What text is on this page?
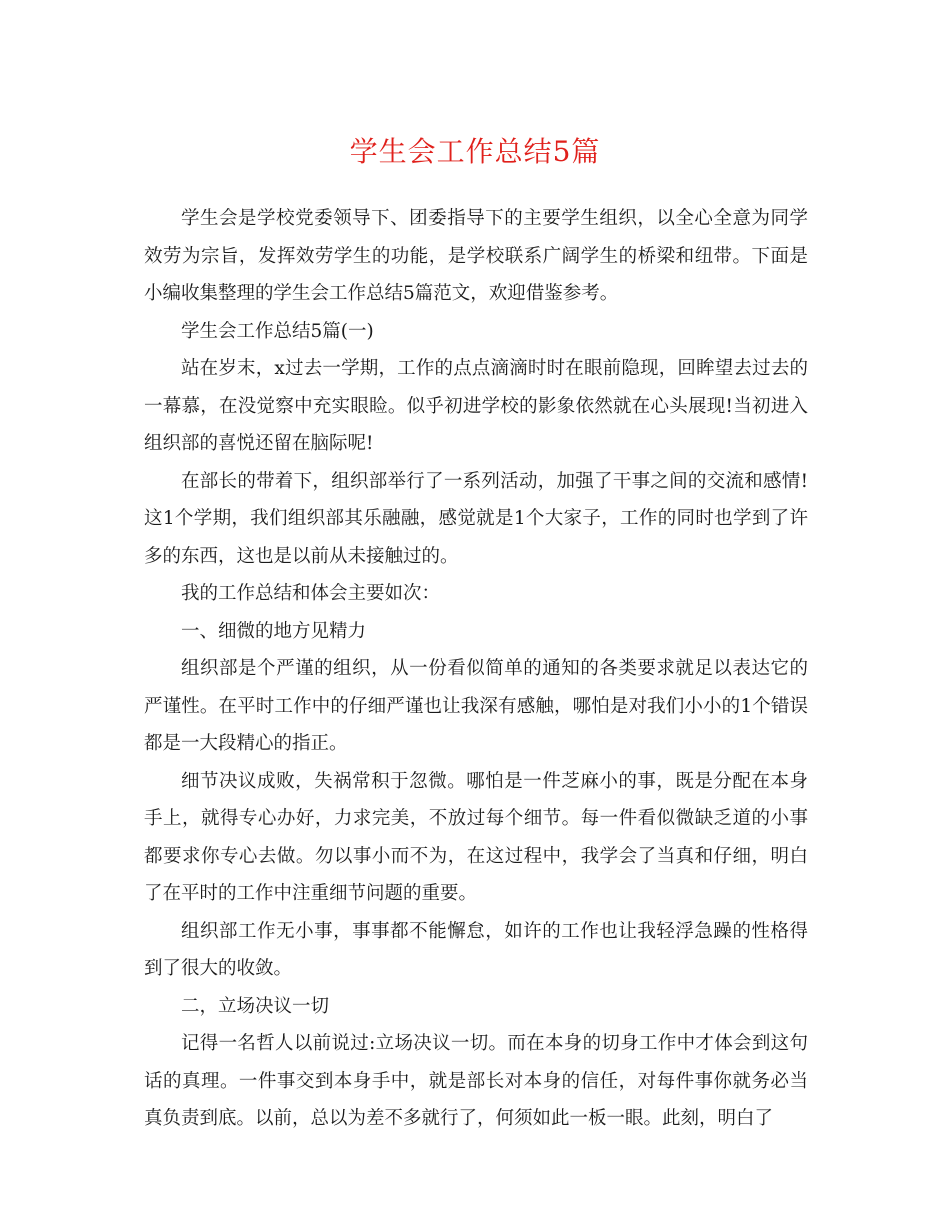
学生会工作总结5篇

学生会是学校党委领导下、团委指导下的主要学生组织，以全心全意为同学效劳为宗旨，发挥效劳学生的功能，是学校联系广阔学生的桥梁和纽带。下面是小编收集整理的学生会工作总结5篇范文，欢迎借鉴参考。

学生会工作总结5篇(一)

站在岁末，x过去一学期，工作的点点滴滴时时在眼前隐现，回眸望去过去的一幕慕，在没觉察中充实眼睑。似乎初进学校的影象依然就在心头展现!当初进入组织部的喜悦还留在脑际呢!

在部长的带着下，组织部举行了一系列活动，加强了干事之间的交流和感情!这1个学期，我们组织部其乐融融，感觉就是1个大家子，工作的同时也学到了许多的东西，这也是以前从未接触过的。

我的工作总结和体会主要如次：

一、细微的地方见精力

组织部是个严谨的组织，从一份看似简单的通知的各类要求就足以表达它的严谨性。在平时工作中的仔细严谨也让我深有感触，哪怕是对我们小小的1个错误都是一大段精心的指正。

细节决议成败，失祸常积于忽微。哪怕是一件芝麻小的事，既是分配在本身手上，就得专心办好，力求完美，不放过每个细节。每一件看似微缺乏道的小事都要求你专心去做。勿以事小而不为，在这过程中，我学会了当真和仔细，明白了在平时的工作中注重细节问题的重要。

组织部工作无小事，事事都不能懈怠，如许的工作也让我轻浮急躁的性格得到了很大的收敛。

二，立场决议一切

记得一名哲人以前说过:立场决议一切。而在本身的切身工作中才体会到这句话的真理。一件事交到本身手中，就是部长对本身的信任，对每件事你就务必当真负责到底。以前，总以为差不多就行了，何须如此一板一眼。此刻，明白了
